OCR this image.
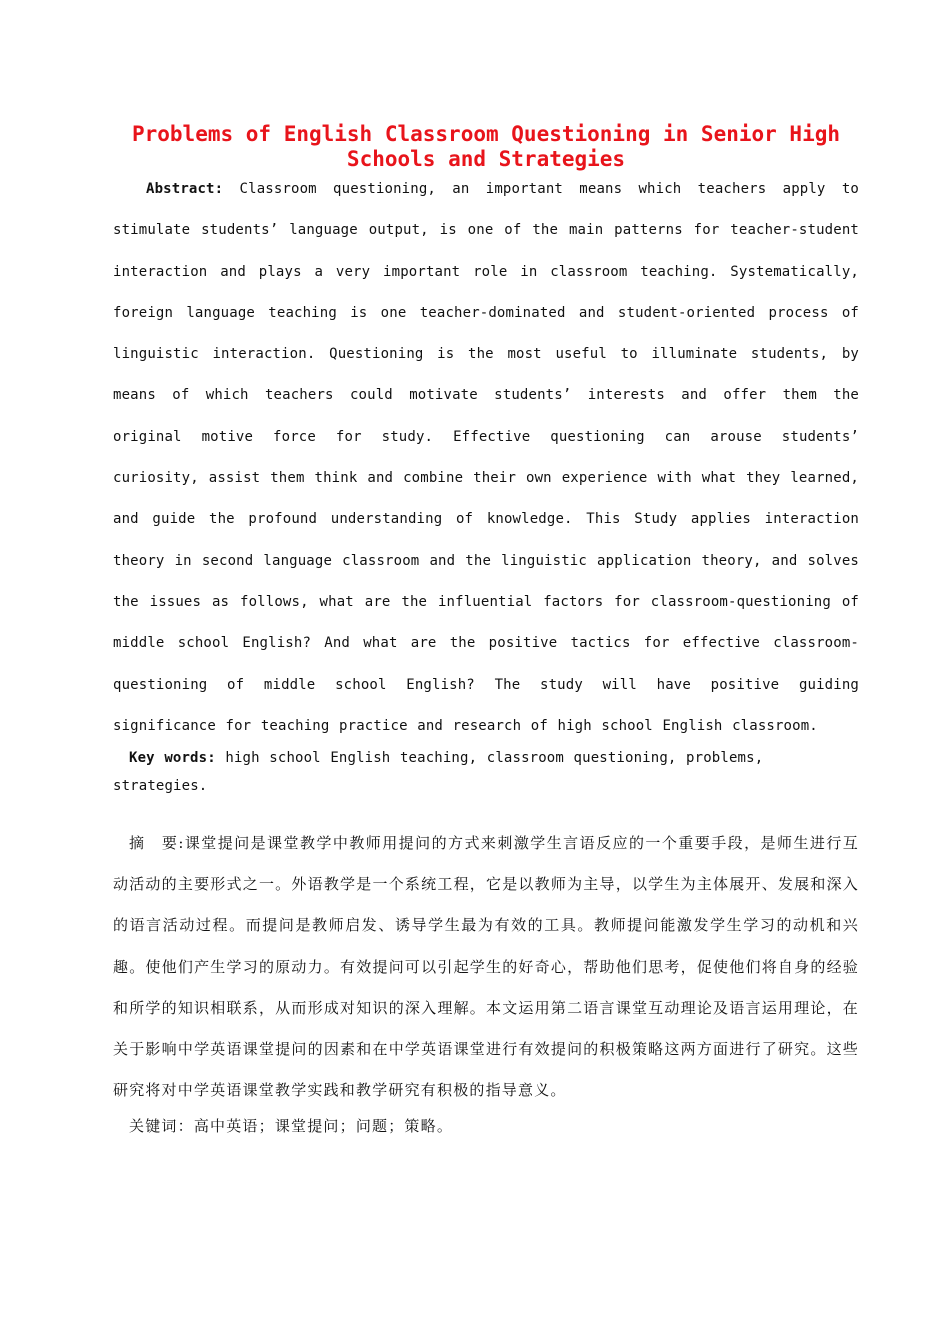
Problems of English Classroom Questioning in Senior High Schools and Strategies

Abstract: Classroom questioning, an important means which teachers apply to stimulate students’ language output, is one of the main patterns for teacher-student interaction and plays a very important role in classroom teaching. Systematically, foreign language teaching is one teacher-dominated and student-oriented process of linguistic interaction. Questioning is the most useful to illuminate students, by means of which teachers could motivate students’ interests and offer them the original motive force for study. Effective questioning can arouse students’ curiosity, assist them think and combine their own experience with what they learned, and guide the profound understanding of knowledge. This Study applies interaction theory in second language classroom and the linguistic application theory, and solves the issues as follows, what are the influential factors for classroom-questioning of middle school English? And what are the positive tactics for effective classroom-questioning of middle school English? The study will have positive guiding significance for teaching practice and research of high school English classroom.

Key words: high school English teaching, classroom questioning, problems, strategies.

摘　要:课堂提问是课堂教学中教师用提问的方式来刺激学生言语反应的一个重要手段，是师生进行互动活动的主要形式之一。外语教学是一个系统工程，它是以教师为主导，以学生为主体展开、发展和深入的语言活动过程。而提问是教师启发、诱导学生最为有效的工具。教师提问能激发学生学习的动机和兴趣。使他们产生学习的原动力。有效提问可以引起学生的好奇心，帮助他们思考，促使他们将自身的经验和所学的知识相联系，从而形成对知识的深入理解。本文运用第二语言课堂互动理论及语言运用理论，在关于影响中学英语课堂提问的因素和在中学英语课堂进行有效提问的积极策略这两方面进行了研究。这些研究将对中学英语课堂教学实践和教学研究有积极的指导意义。

关键词：高中英语；课堂提问；问题；策略。
